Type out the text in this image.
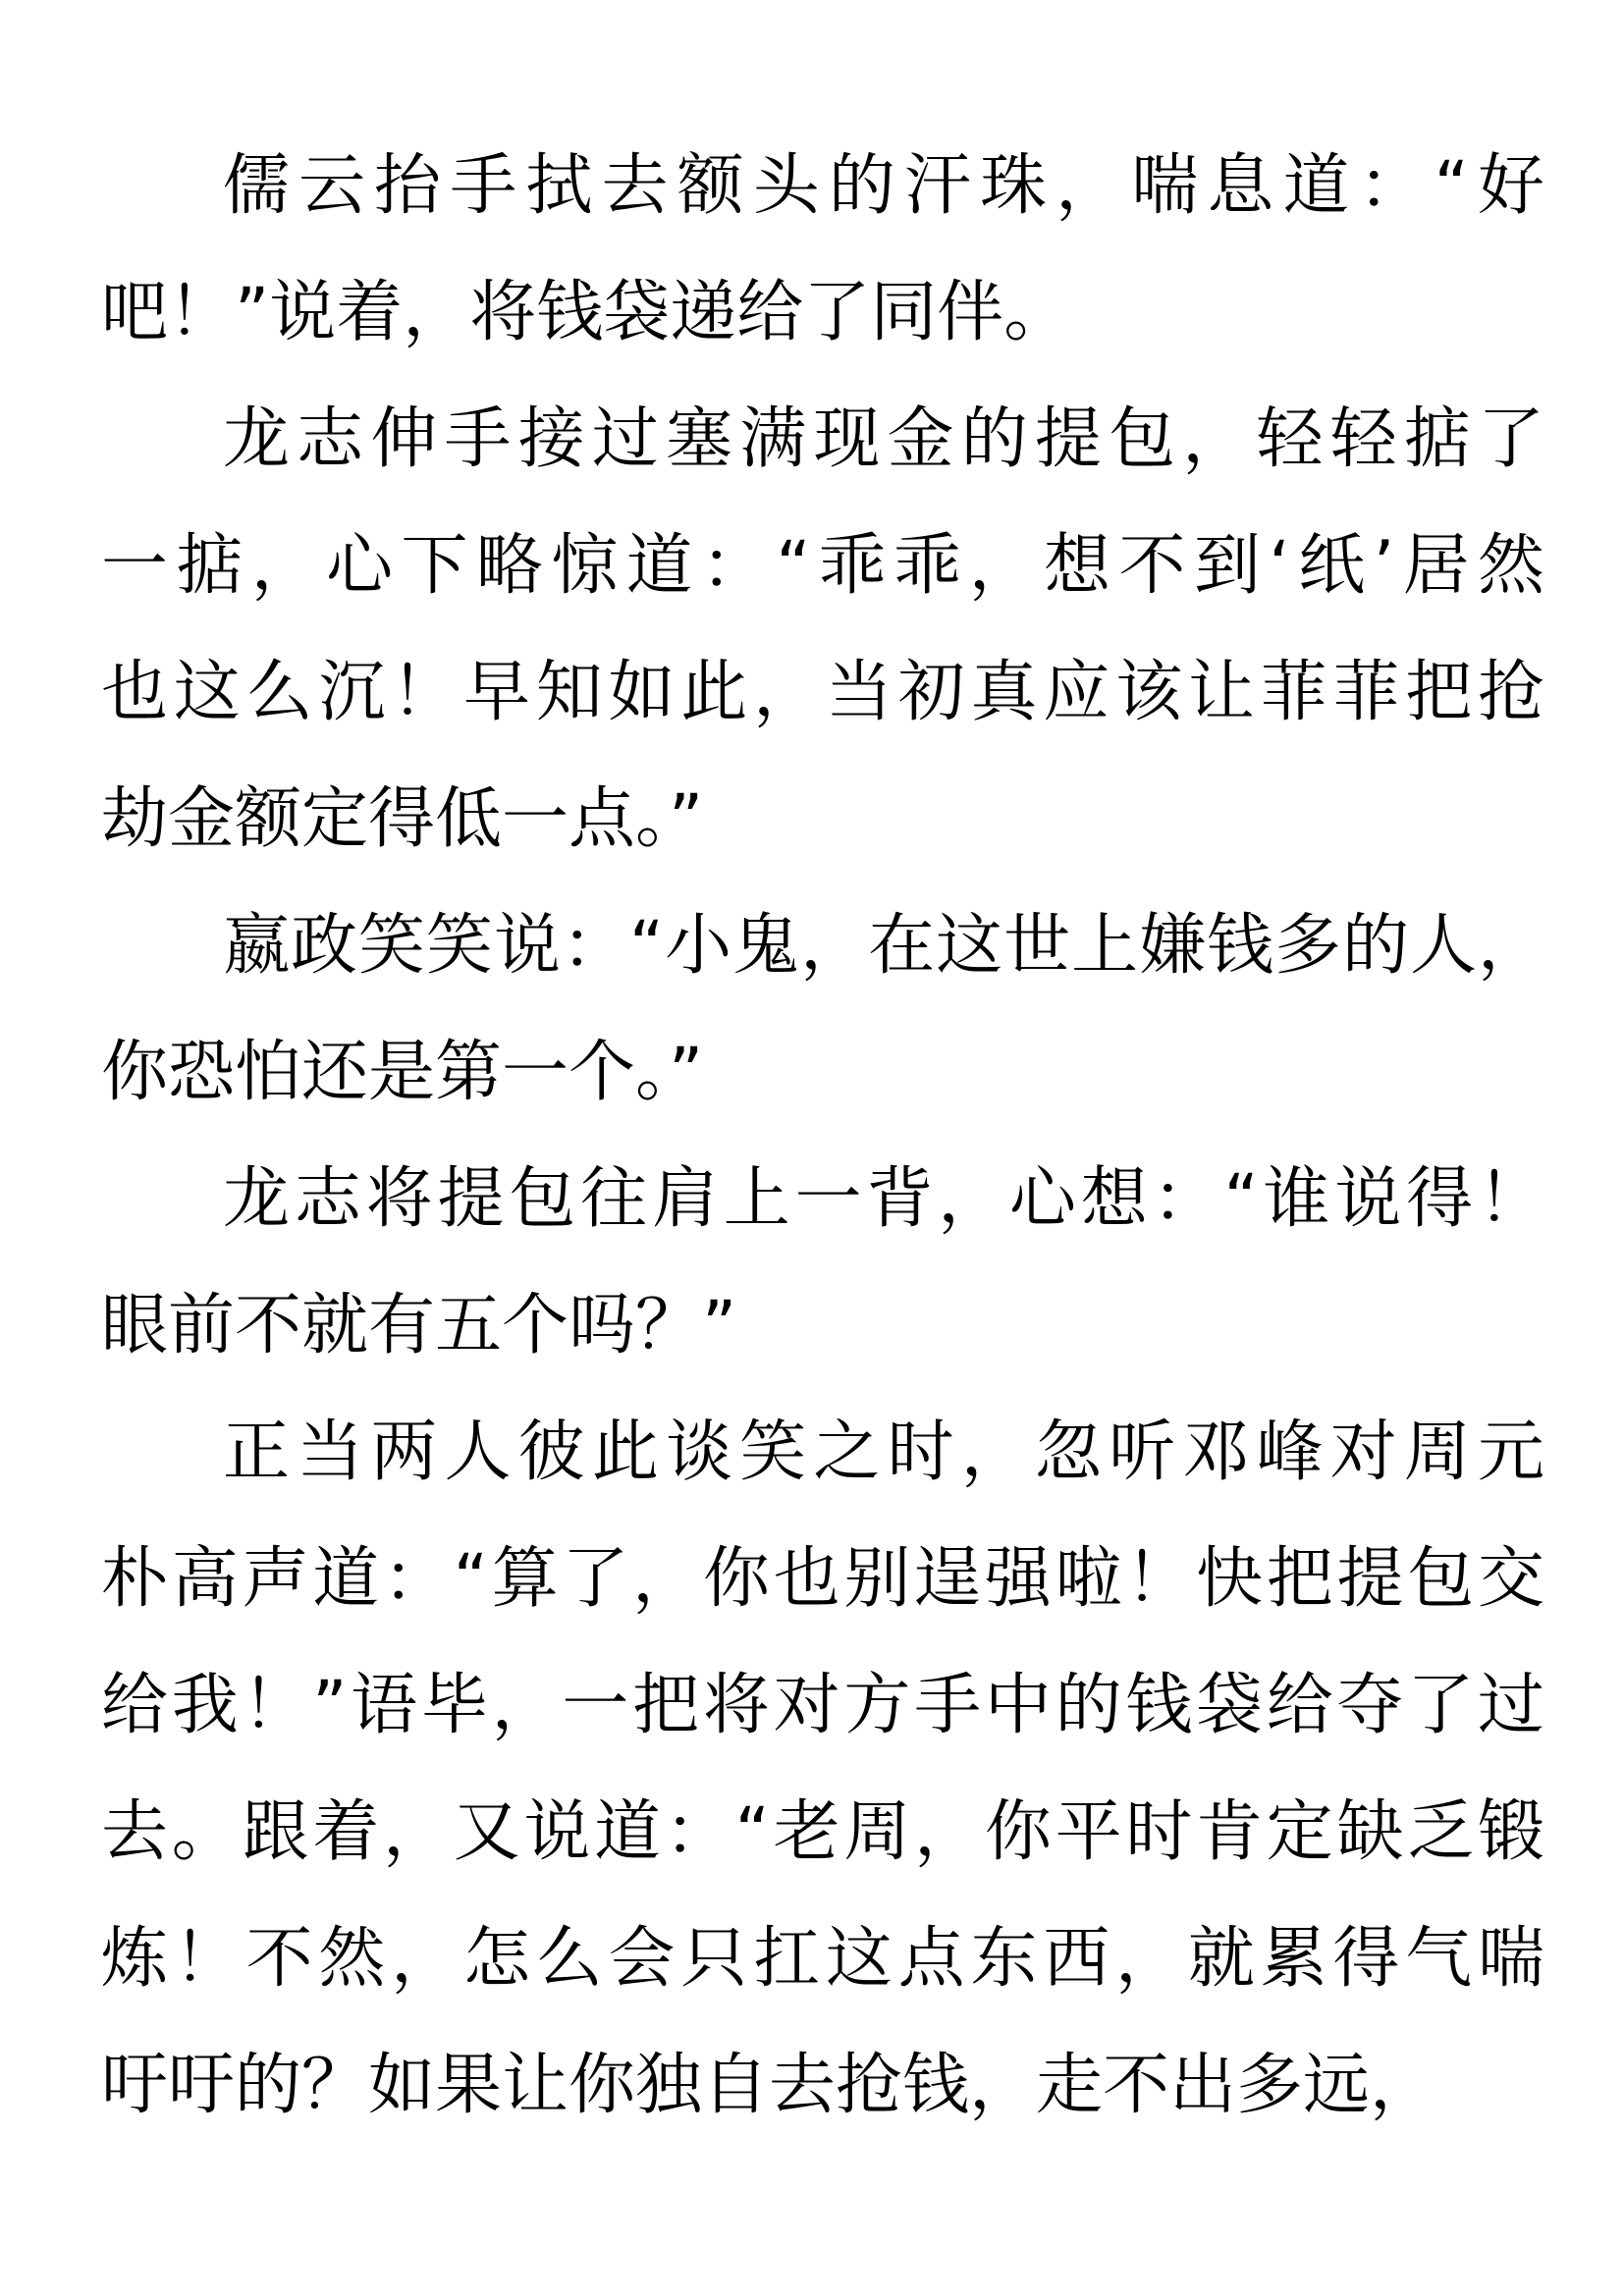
儒云抬手拭去额头的汗珠，喘息道：“好
吧！”说着，将钱袋递给了同伴。
龙志伸手接过塞满现金的提包，轻轻掂了
一掂，心下略惊道：“乖乖，想不到‘纸’居然
也这么沉！早知如此，当初真应该让菲菲把抢
劫金额定得低一点。”
嬴政笑笑说：“小鬼，在这世上嫌钱多的人，
你恐怕还是第一个。”
龙志将提包往肩上一背，心想：“谁说得！
眼前不就有五个吗？”
正当两人彼此谈笑之时，忽听邓峰对周元
朴高声道：“算了，你也别逞强啦！快把提包交
给我！”语毕，一把将对方手中的钱袋给夺了过
去。跟着，又说道：“老周，你平时肯定缺乏锻
炼！不然，怎么会只扛这点东西，就累得气喘
吁吁的？如果让你独自去抢钱，走不出多远，
